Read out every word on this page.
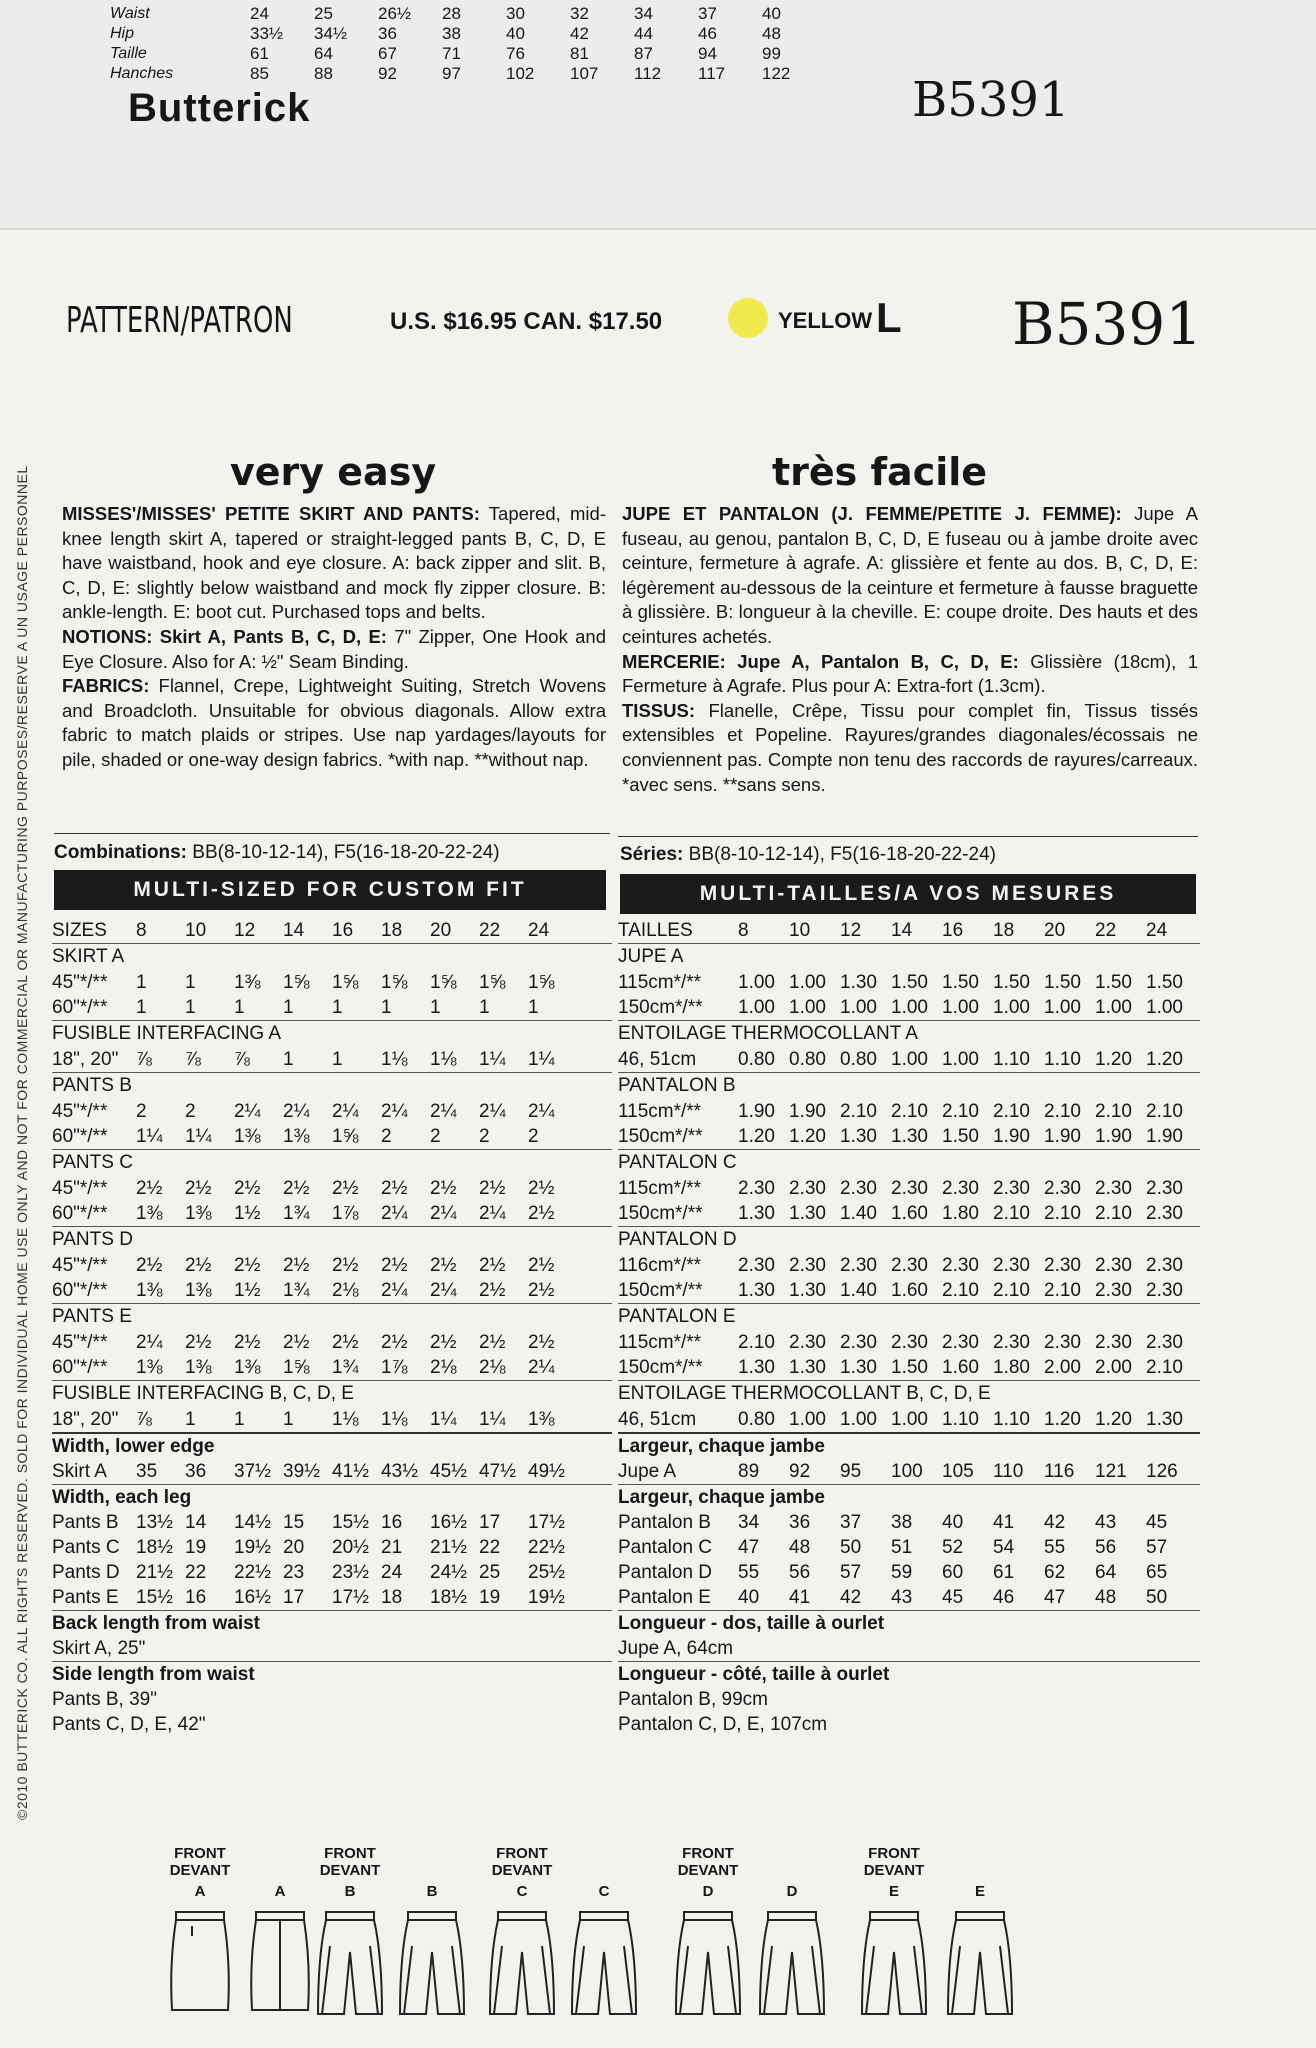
Waist	24	25	26½	28	30	32	34	37	40
Hip	33½	34½	36	38	40	42	44	46	48
Taille	61	64	67	71	76	81	87	94	99
Hanches	85	88	92	97	102	107	112	117	122
Butterick	B5391
PATTERN/PATRON	U.S. $16.95 CAN. $17.50	YELLOW L B5391
©2010 BUTTERICK CO. ALL RIGHTS RESERVED. SOLD FOR INDIVIDUAL HOME USE ONLY AND NOT FOR COMMERCIAL OR MANUFACTURING PURPOSES/RESERVE A UN USAGE PERSONNEL	very easy	très facile
MISSES'/MISSES' PETITE SKIRT AND PANTS: Tapered, mid-knee length skirt A, tapered or straight-legged pants B, C, D, E have waistband, hook and eye closure. A: back zipper and slit. B, C, D, E: slightly below waistband and mock fly zipper closure. B: ankle-length. E: boot cut. Purchased tops and belts.
NOTIONS: Skirt A, Pants B, C, D, E: 7" Zipper, One Hook and Eye Closure. Also for A: ½" Seam Binding.
FABRICS: Flannel, Crepe, Lightweight Suiting, Stretch Wovens and Broadcloth. Unsuitable for obvious diagonals. Allow extra fabric to match plaids or stripes. Use nap yardages/layouts for pile, shaded or one-way design fabrics. *with nap. **without nap.
JUPE ET PANTALON (J. FEMME/PETITE J. FEMME): Jupe A fuseau, au genou, pantalon B, C, D, E fuseau ou à jambe droite avec ceinture, fermeture à agrafe. A: glissière et fente au dos. B, C, D, E: légèrement au-dessous de la ceinture et fermeture à fausse braguette à glissière. B: longueur à la cheville. E: coupe droite. Des hauts et des ceintures achetés.
MERCERIE: Jupe A, Pantalon B, C, D, E: Glissière (18cm), 1 Fermeture à Agrafe. Plus pour A: Extra-fort (1.3cm).
TISSUS: Flanelle, Crêpe, Tissu pour complet fin, Tissus tissés extensibles et Popeline. Rayures/grandes diagonales/écossais ne conviennent pas. Compte non tenu des raccords de rayures/carreaux. *avec sens. **sans sens.
Combinations: BB(8-10-12-14), F5(16-18-20-22-24)	Séries: BB(8-10-12-14), F5(16-18-20-22-24)
MULTI-SIZED FOR CUSTOM FIT	MULTI-TAILLES/A VOS MESURES
SIZES	8	10	12	14	16	18	20	22	24
SKIRT A
45"*/**	1	1	1⅜	1⅝	1⅝	1⅝	1⅝	1⅝	1⅝
60"*/**	1	1	1	1	1	1	1	1	1
FUSIBLE INTERFACING A
18", 20" ⅞	⅞	⅞	1	1	1⅛	1⅛	1¼	1¼
PANTS B
45"*/**	2	2	2¼	2¼	2¼	2¼	2¼	2¼	2¼
60"*/**	1¼	1¼	1⅜	1⅜	1⅝	2	2	2	2
PANTS C
45"*/**	2½	2½	2½	2½	2½	2½	2½	2½	2½
60"*/**	1⅜	1⅜	1½	1¾	1⅞	2¼	2¼	2¼	2½
PANTS D
45"*/**	2½	2½	2½	2½	2½	2½	2½	2½	2½
60"*/**	1⅜	1⅜	1½	1¾	2⅛	2¼	2¼	2½	2½
PANTS E
45"*/**	2¼	2½	2½	2½	2½	2½	2½	2½	2½
60"*/**	1⅜	1⅜	1⅜	1⅝	1¾	1⅞	2⅛	2⅛	2¼
FUSIBLE INTERFACING B, C, D, E
18", 20" ⅞	1	1	1	1⅛	1⅛	1¼	1¼	1⅜
Width, lower edge
Skirt A	35	36	37½ 39½ 41½ 43½ 45½ 47½ 49½
Width, each leg
Pants B 13½ 14	14½ 15	15½ 16	16½ 17	17½
Pants C 18½ 19	19½ 20	20½ 21	21½ 22	22½
Pants D 21½ 22	22½ 23	23½ 24	24½ 25	25½
Pants E 15½ 16	16½ 17	17½ 18	18½ 19	19½
Back length from waist
Skirt A, 25"
Side length from waist
Pants B, 39"
Pants C, D, E, 42"
TAILLES	8	10	12	14	16	18	20	22	24
JUPE A
115cm*/**	1.00 1.00 1.30 1.50 1.50 1.50 1.50 1.50 1.50
150cm*/**	1.00 1.00 1.00 1.00 1.00 1.00 1.00 1.00 1.00
ENTOILAGE THERMOCOLLANT A
46, 51cm	0.80 0.80 0.80 1.00 1.00 1.10 1.10 1.20 1.20
PANTALON B
115cm*/**	1.90 1.90 2.10 2.10 2.10 2.10 2.10 2.10 2.10
150cm*/**	1.20 1.20 1.30 1.30 1.50 1.90 1.90 1.90 1.90
PANTALON C
115cm*/**	2.30 2.30 2.30 2.30 2.30 2.30 2.30 2.30 2.30
150cm*/**	1.30 1.30 1.40 1.60 1.80 2.10 2.10 2.10 2.30
PANTALON D
116cm*/**	2.30 2.30 2.30 2.30 2.30 2.30 2.30 2.30 2.30
150cm*/**	1.30 1.30 1.40 1.60 2.10 2.10 2.10 2.30 2.30
PANTALON E
115cm*/**	2.10 2.30 2.30 2.30 2.30 2.30 2.30 2.30 2.30
150cm*/**	1.30 1.30 1.30 1.50 1.60 1.80 2.00 2.00 2.10
ENTOILAGE THERMOCOLLANT B, C, D, E
46, 51cm	0.80 1.00 1.00 1.00 1.10 1.10 1.20 1.20 1.30
Largeur, chaque jambe
Jupe A	89	92	95	100	105	110	116	121	126
Largeur, chaque jambe
Pantalon B	34	36	37	38	40	41	42	43	45
Pantalon C	47	48	50	51	52	54	55	56	57
Pantalon D	55	56	57	59	60	61	62	64	65
Pantalon E	40	41	42	43	45	46	47	48	50
Longueur - dos, taille à ourlet
Jupe A, 64cm
Longueur - côté, taille à ourlet
Pantalon B, 99cm
Pantalon C, D, E, 107cm
FRONT
DEVANT
A	A
FRONT
DEVANT
B	B
FRONT
DEVANT
C	C
FRONT
DEVANT
D	D
FRONT
DEVANT
E	E
